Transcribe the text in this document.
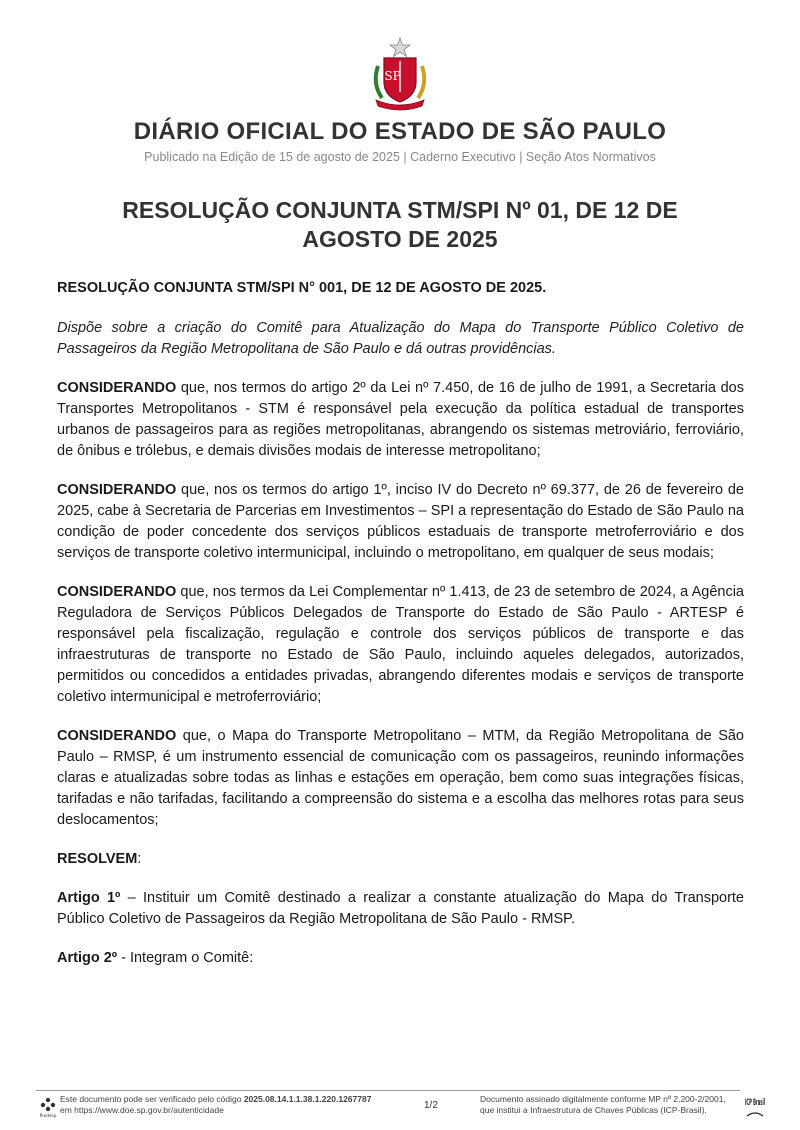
SP
DIÁRIO OFICIAL DO ESTADO DE SÃO PAULO
Publicado na Edição de 15 de agosto de 2025 | Caderno Executivo | Seção Atos Normativos
RESOLUÇÃO CONJUNTA STM/SPI Nº 01, DE 12 DE AGOSTO DE 2025

RESOLUÇÃO CONJUNTA STM/SPI N° 001, DE 12 DE AGOSTO DE 2025.

Dispõe sobre a criação do Comitê para Atualização do Mapa do Transporte Público Coletivo de Passageiros da Região Metropolitana de São Paulo e dá outras providências.

CONSIDERANDO que, nos termos do artigo 2º da Lei nº 7.450, de 16 de julho de 1991, a Secretaria dos Transportes Metropolitanos - STM é responsável pela execução da política estadual de transportes urbanos de passageiros para as regiões metropolitanas, abrangendo os sistemas metroviário, ferroviário, de ônibus e trólebus, e demais divisões modais de interesse metropolitano;

CONSIDERANDO que, nos os termos do artigo 1º, inciso IV do Decreto nº 69.377, de 26 de fevereiro de 2025, cabe à Secretaria de Parcerias em Investimentos – SPI a representação do Estado de São Paulo na condição de poder concedente dos serviços públicos estaduais de transporte metroferroviário e dos serviços de transporte coletivo intermunicipal, incluindo o metropolitano, em qualquer de seus modais;

CONSIDERANDO que, nos termos da Lei Complementar nº 1.413, de 23 de setembro de 2024, a Agência Reguladora de Serviços Públicos Delegados de Transporte do Estado de São Paulo - ARTESP é responsável pela fiscalização, regulação e controle dos serviços públicos de transporte e das infraestruturas de transporte no Estado de São Paulo, incluindo aqueles delegados, autorizados, permitidos ou concedidos a entidades privadas, abrangendo diferentes modais e serviços de transporte coletivo intermunicipal e metroferroviário;

CONSIDERANDO que, o Mapa do Transporte Metropolitano – MTM, da Região Metropolitana de São Paulo – RMSP, é um instrumento essencial de comunicação com os passageiros, reunindo informações claras e atualizadas sobre todas as linhas e estações em operação, bem como suas integrações físicas, tarifadas e não tarifadas, facilitando a compreensão do sistema e a escolha das melhores rotas para seus deslocamentos;

RESOLVEM:

Artigo 1º – Instituir um Comitê destinado a realizar a constante atualização do Mapa do Transporte Público Coletivo de Passageiros da Região Metropolitana de São Paulo - RMSP.

Artigo 2º - Integram o Comitê:

Prodesp
Este documento pode ser verificado pelo código 2025.08.14.1.1.38.1.220.1267787
em https://www.doe.sp.gov.br/autenticidade	1/2
Documento assinado digitalmente conforme MP nº 2.200-2/2001,
que institui a Infraestrutura de Chaves Públicas (ICP-Brasil).
ICP Brasil
